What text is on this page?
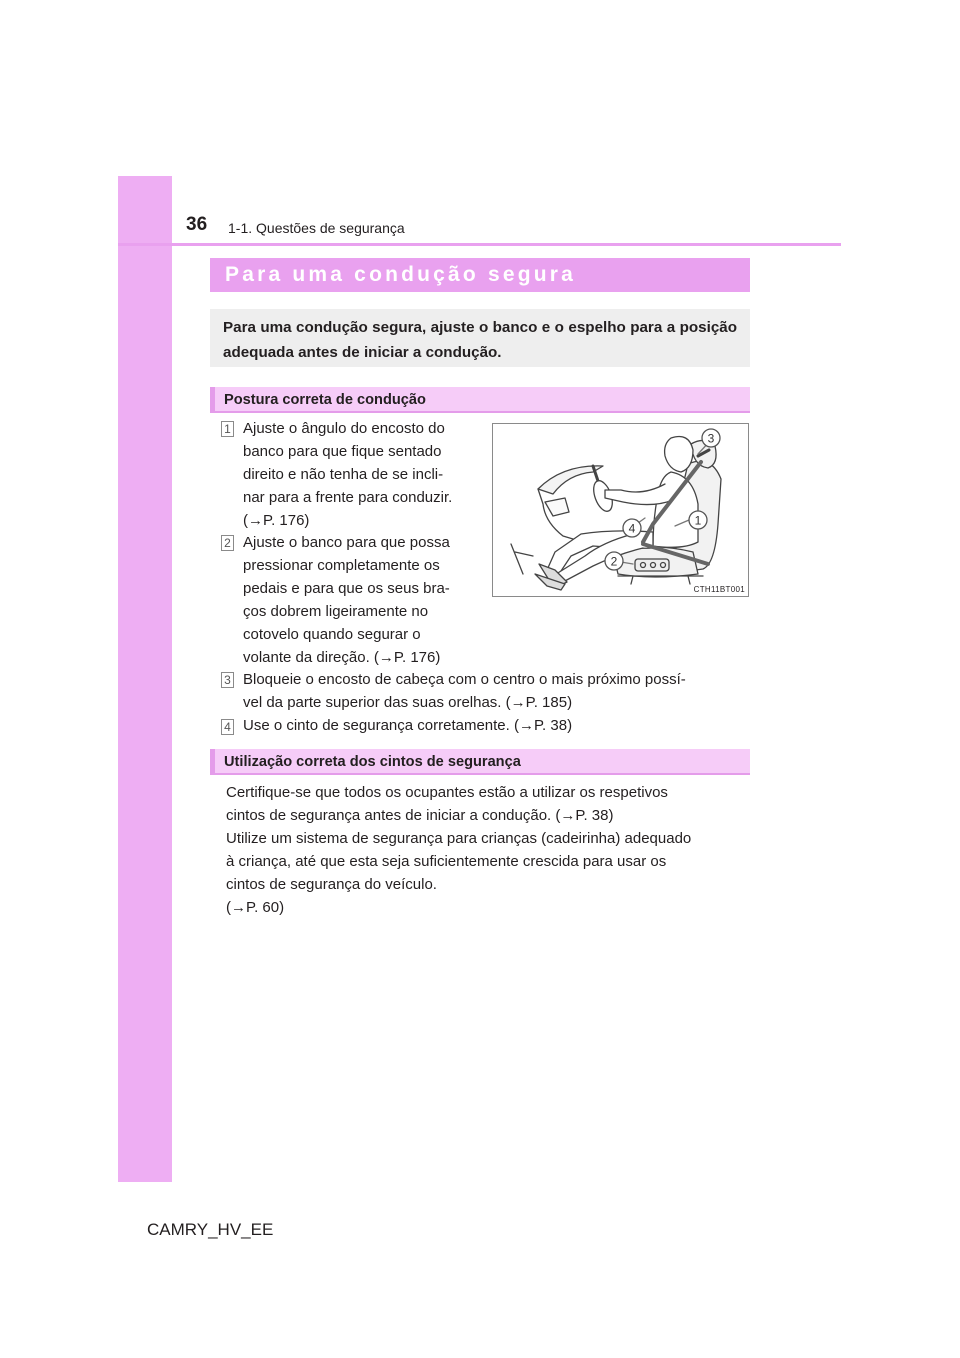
36 1-1. Questões de segurança
Para uma condução segura
Para uma condução segura, ajuste o banco e o espelho para a posição adequada antes de iniciar a condução.
Postura correta de condução
1 Ajuste o ângulo do encosto do
banco para que fique sentado
direito e não tenha de se incli-
nar para a frente para conduzir.
(→P. 176)
2 Ajuste o banco para que possa
pressionar completamente os
pedais e para que os seus bra-
ços dobrem ligeiramente no
cotovelo quando segurar o
volante da direção. (→P. 176)
3
1
4
2
CTH11BT001
3 Bloqueie o encosto de cabeça com o centro o mais próximo possí-
vel da parte superior das suas orelhas. (→P. 185)
4 Use o cinto de segurança corretamente. (→P. 38)
Utilização correta dos cintos de segurança
Certifique-se que todos os ocupantes estão a utilizar os respetivos
cintos de segurança antes de iniciar a condução. (→P. 38)
Utilize um sistema de segurança para crianças (cadeirinha) adequado
à criança, até que esta seja suficientemente crescida para usar os
cintos de segurança do veículo.
(→P. 60)
CAMRY_HV_EE
